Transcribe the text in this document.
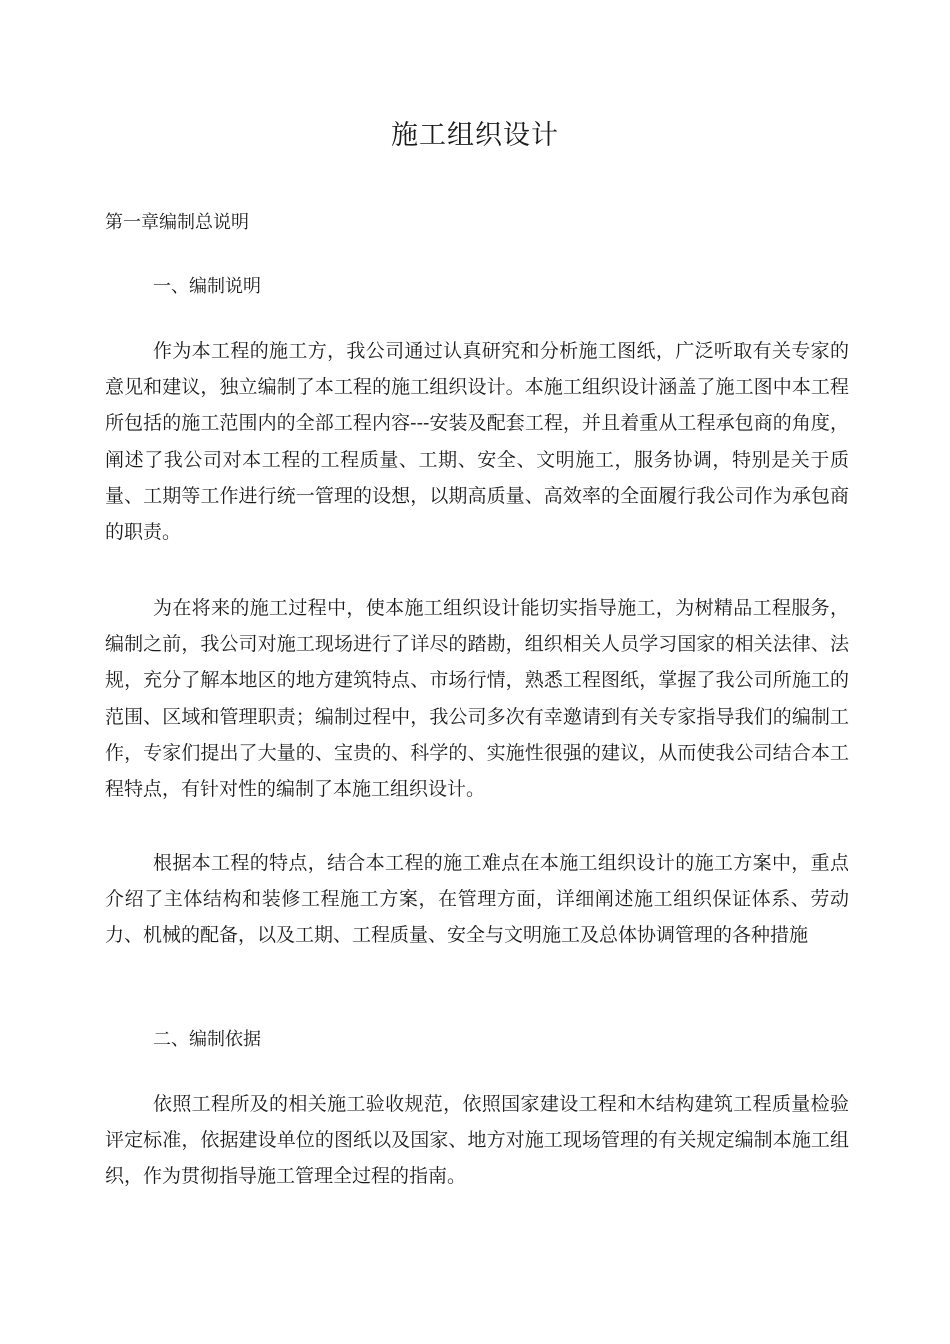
施工组织设计
第一章编制总说明
一、编制说明

作为本工程的施工方，我公司通过认真研究和分析施工图纸，广泛听取有关专家的意见和建议，独立编制了本工程的施工组织设计。本施工组织设计涵盖了施工图中本工程所包括的施工范围内的全部工程内容---安装及配套工程，并且着重从工程承包商的角度，阐述了我公司对本工程的工程质量、工期、安全、文明施工，服务协调，特别是关于质量、工期等工作进行统一管理的设想，以期高质量、高效率的全面履行我公司作为承包商的职责。

为在将来的施工过程中，使本施工组织设计能切实指导施工，为树精品工程服务，编制之前，我公司对施工现场进行了详尽的踏勘，组织相关人员学习国家的相关法律、法规，充分了解本地区的地方建筑特点、市场行情，熟悉工程图纸，掌握了我公司所施工的范围、区域和管理职责；编制过程中，我公司多次有幸邀请到有关专家指导我们的编制工作，专家们提出了大量的、宝贵的、科学的、实施性很强的建议，从而使我公司结合本工程特点，有针对性的编制了本施工组织设计。

根据本工程的特点，结合本工程的施工难点在本施工组织设计的施工方案中，重点介绍了主体结构和装修工程施工方案，在管理方面，详细阐述施工组织保证体系、劳动力、机械的配备，以及工期、工程质量、安全与文明施工及总体协调管理的各种措施

二、编制依据

依照工程所及的相关施工验收规范，依照国家建设工程和木结构建筑工程质量检验评定标准，依据建设单位的图纸以及国家、地方对施工现场管理的有关规定编制本施工组织，作为贯彻指导施工管理全过程的指南。
